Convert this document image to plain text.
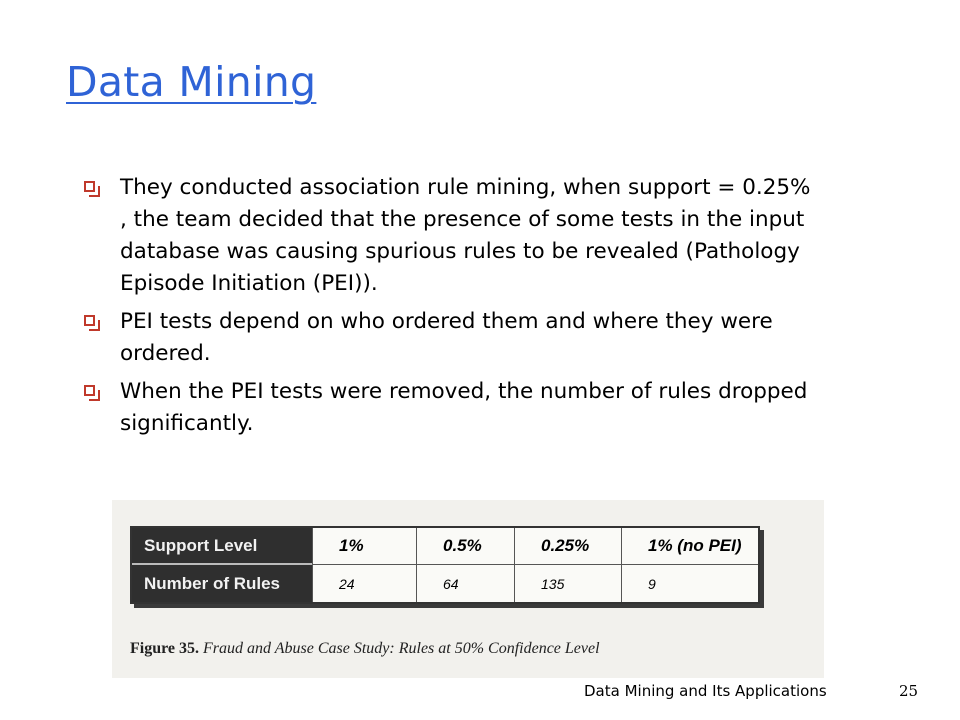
Data Mining
They conducted association rule mining, when support = 0.25% , the team decided that the presence of some tests in the input database was causing spurious rules to be revealed (Pathology Episode Initiation (PEI)).
PEI tests depend on who ordered them and where they were ordered.
When the PEI tests were removed, the number of rules dropped significantly.
Support Level	1%	0.5%	0.25%	1% (no PEI)
Number of Rules	24	64	135	9
Figure 35. Fraud and Abuse Case Study: Rules at 50% Confidence Level
Data Mining and Its Applications	25
